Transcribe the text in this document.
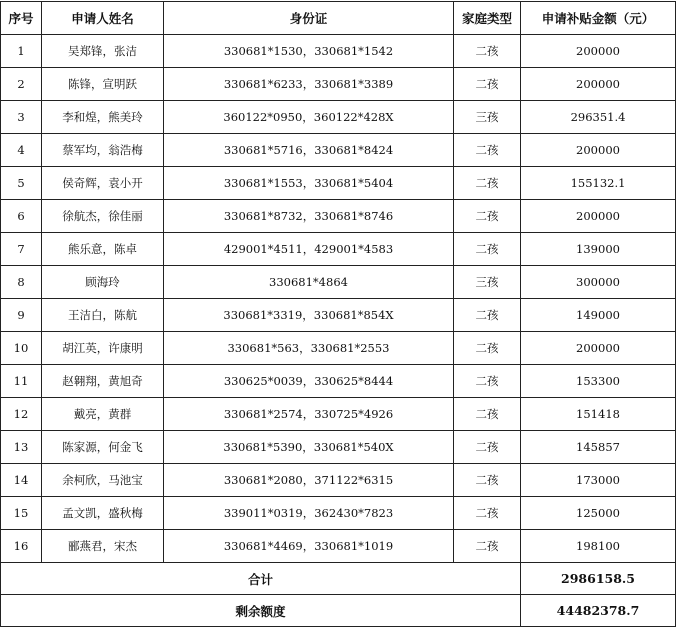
序号	申请人姓名	身份证	家庭类型	申请补贴金额（元）
1	吴郑锋，张洁	330681*1530，330681*1542	二孩	200000
2	陈锋，宣明跃	330681*6233，330681*3389	二孩	200000
3	李和煌，熊美玲	360122*0950，360122*428X	三孩	296351.4
4	蔡军均，翁浩梅	330681*5716，330681*8424	二孩	200000
5	侯奇辉，袁小开	330681*1553，330681*5404	二孩	155132.1
6	徐航杰，徐佳丽	330681*8732，330681*8746	二孩	200000
7	熊乐意，陈卓	429001*4511，429001*4583	二孩	139000
8	顾海玲	330681*4864	三孩	300000
9	王洁白，陈航	330681*3319，330681*854X	二孩	149000
10	胡江英，许康明	330681*563，330681*2553	二孩	200000
11	赵翱翔，黄旭奇	330625*0039，330625*8444	二孩	153300
12	戴亮，黄群	330681*2574，330725*4926	二孩	151418
13	陈家源，何金飞	330681*5390，330681*540X	二孩	145857
14	余柯欣，马池宝	330681*2080，371122*6315	二孩	173000
15	孟文凯，盛秋梅	339011*0319，362430*7823	二孩	125000
16	郦燕君，宋杰	330681*4469，330681*1019	二孩	198100
合计				2986158.5
剩余额度				44482378.7
